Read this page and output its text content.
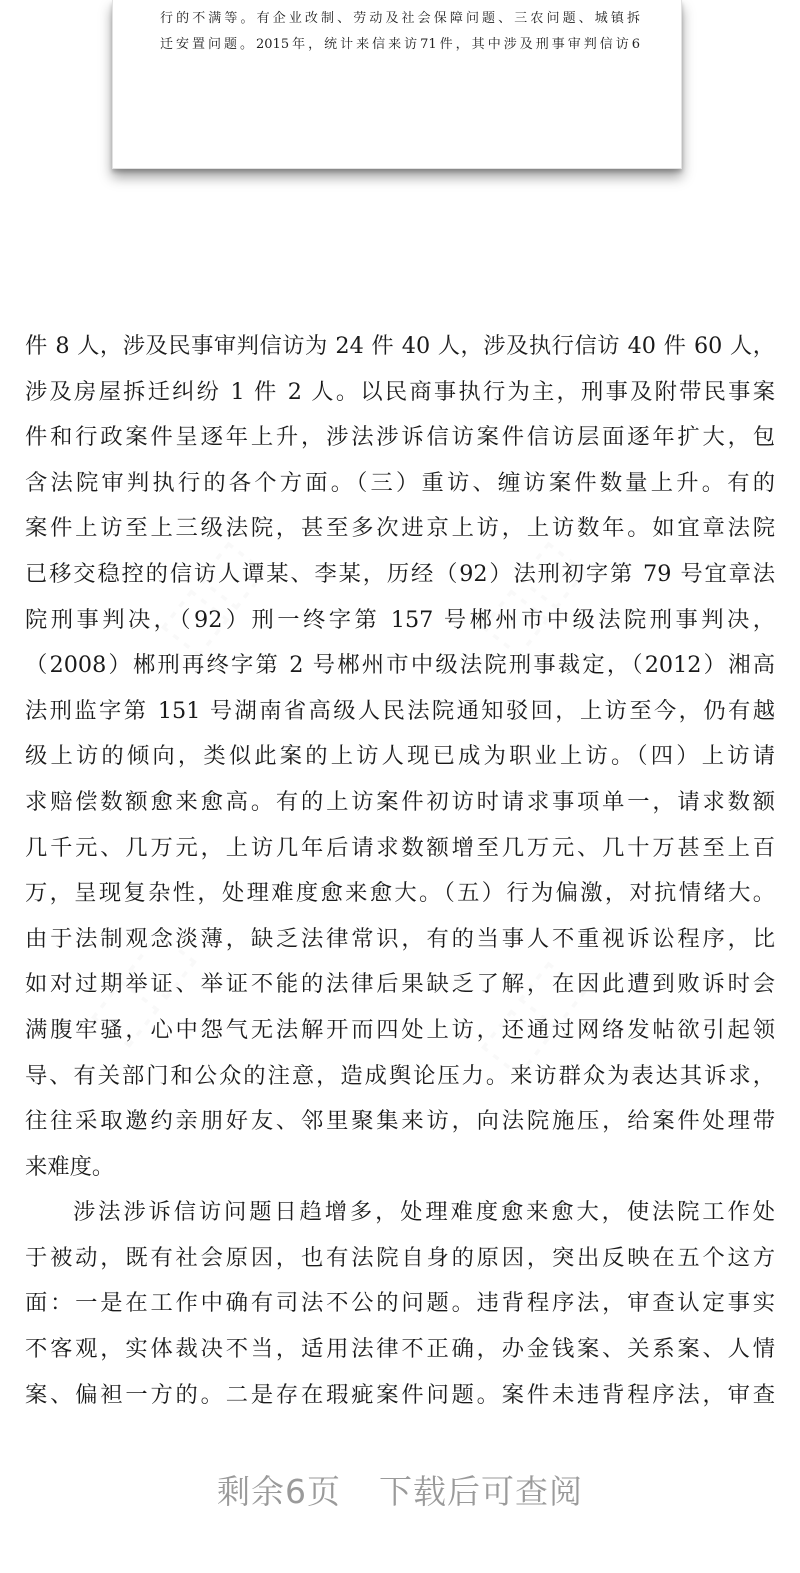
⬚⬚	⬚⬚
⬚⬚	⬚⬚
行的不满等。有企业改制、劳动及社会保障问题、三农问题、城镇拆
迁安置问题。2015年，统计来信来访71件，其中涉及刑事审判信访6
件 8 人，涉及民事审判信访为 24 件 40 人，涉及执行信访 40 件 60 人，
涉及房屋拆迁纠纷 1 件 2 人。以民商事执行为主，刑事及附带民事案
件和行政案件呈逐年上升，涉法涉诉信访案件信访层面逐年扩大，包
含法院审判执行的各个方面。（三）重访、缠访案件数量上升。有的
案件上访至上三级法院，甚至多次进京上访，上访数年。如宜章法院
已移交稳控的信访人谭某、李某，历经（92）法刑初字第 79 号宜章法
院刑事判决，（92）刑一终字第 157 号郴州市中级法院刑事判决，
（2008）郴刑再终字第 2 号郴州市中级法院刑事裁定，（2012）湘高
法刑监字第 151 号湖南省高级人民法院通知驳回，上访至今，仍有越
级上访的倾向，类似此案的上访人现已成为职业上访。（四）上访请
求赔偿数额愈来愈高。有的上访案件初访时请求事项单一，请求数额
几千元、几万元，上访几年后请求数额增至几万元、几十万甚至上百
万，呈现复杂性，处理难度愈来愈大。（五）行为偏激，对抗情绪大。
由于法制观念淡薄，缺乏法律常识，有的当事人不重视诉讼程序，比
如对过期举证、举证不能的法律后果缺乏了解，在因此遭到败诉时会
满腹牢骚，心中怨气无法解开而四处上访，还通过网络发帖欲引起领
导、有关部门和公众的注意，造成舆论压力。来访群众为表达其诉求，
往往采取邀约亲朋好友、邻里聚集来访，向法院施压，给案件处理带
来难度。
涉法涉诉信访问题日趋增多，处理难度愈来愈大，使法院工作处
于被动，既有社会原因，也有法院自身的原因，突出反映在五个这方
面：一是在工作中确有司法不公的问题。违背程序法，审查认定事实
不客观，实体裁决不当，适用法律不正确，办金钱案、关系案、人情
案、偏袒一方的。二是存在瑕疵案件问题。案件未违背程序法，审查
剩余6页 下载后可查阅
